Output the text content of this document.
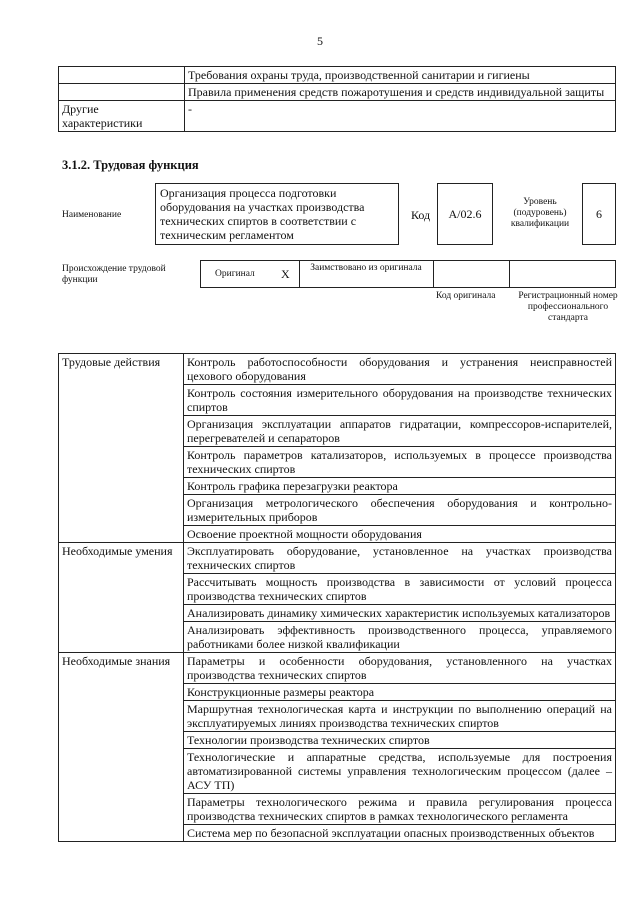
5
	Требования охраны труда, производственной санитарии и гигиены
	Правила применения средств пожаротушения и средств индивидуальной защиты
Другие характеристики	-
3.1.2. Трудовая функция
Наименование
Организация процесса подготовки оборудования на участках производства технических спиртов в соответствии с техническим регламентом
Код A/02.6
Уровень (подуровень) квалификации
6
Происхождение трудовой функции
Оригинал X	Заимствовано из оригинала
Код оригинала Регистрационный номер профессионального стандарта
Трудовые действия	Контроль работоспособности оборудования и устранения неисправностей цехового оборудования
	Контроль состояния измерительного оборудования на производстве технических спиртов
	Организация эксплуатации аппаратов гидратации, компрессоров-испарителей, перегревателей и сепараторов
	Контроль параметров катализаторов, используемых в процессе производства технических спиртов
	Контроль графика перезагрузки реактора
	Организация метрологического обеспечения оборудования и контрольно-измерительных приборов
	Освоение проектной мощности оборудования
Необходимые умения	Эксплуатировать оборудование, установленное на участках производства технических спиртов
	Рассчитывать мощность производства в зависимости от условий процесса производства технических спиртов
	Анализировать динамику химических характеристик используемых катализаторов
	Анализировать эффективность производственного процесса, управляемого работниками более низкой квалификации
Необходимые знания	Параметры и особенности оборудования, установленного на участках производства технических спиртов
	Конструкционные размеры реактора
	Маршрутная технологическая карта и инструкции по выполнению операций на эксплуатируемых линиях производства технических спиртов
	Технологии производства технических спиртов
	Технологические и аппаратные средства, используемые для построения автоматизированной системы управления технологическим процессом (далее – АСУ ТП)
	Параметры технологического режима и правила регулирования процесса производства технических спиртов в рамках технологического регламента
	Система мер по безопасной эксплуатации опасных производственных объектов
